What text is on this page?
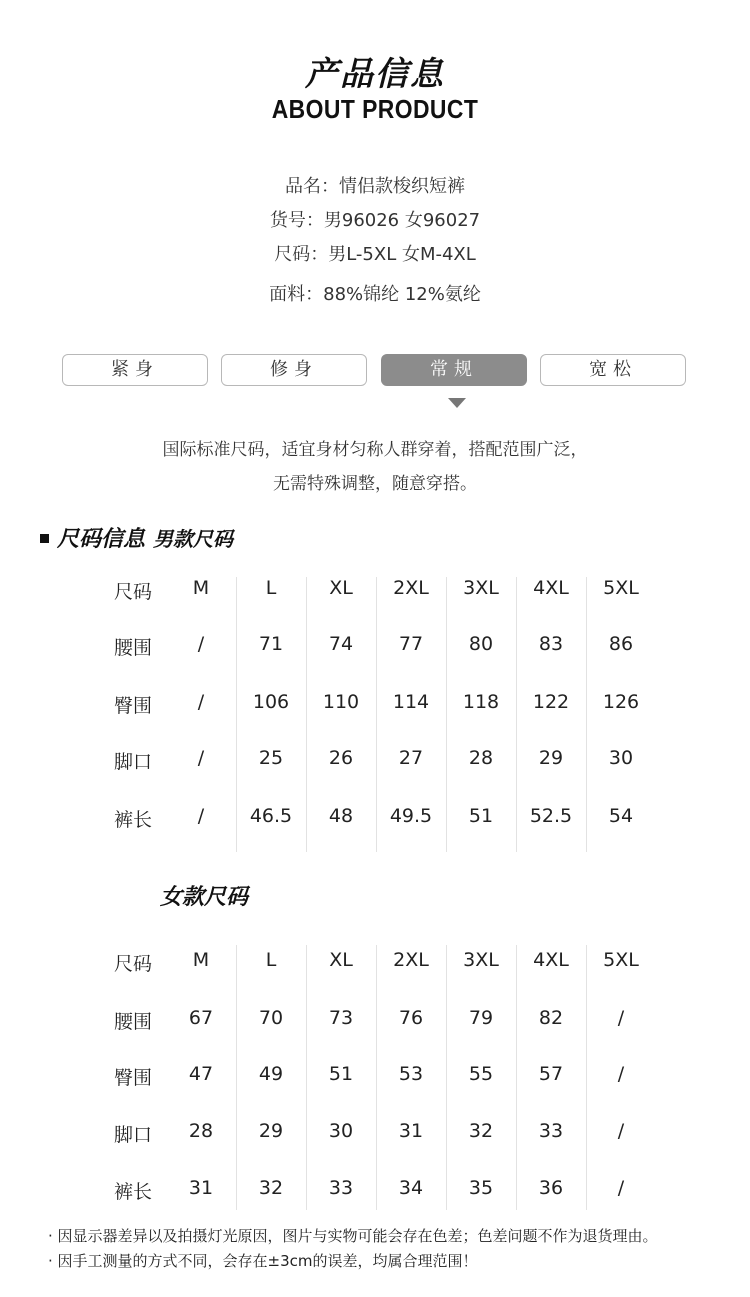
产品信息
ABOUT PRODUCT
品名：情侣款梭织短裤
货号：男96026 女96027
尺码：男L-5XL 女M-4XL
面料：88%锦纶 12%氨纶
紧身	修身	常规	宽松
国际标准尺码，适宜身材匀称人群穿着，搭配范围广泛，
无需特殊调整，随意穿搭。
尺码信息 男款尺码
尺码	M	L	XL	2XL	3XL	4XL	5XL
腰围	/	71	74	77	80	83	86
臀围	/	106	110	114	118	122	126
脚口	/	25	26	27	28	29	30
裤长	/	46.5	48	49.5	51	52.5	54
女款尺码
尺码	M	L	XL	2XL	3XL	4XL	5XL
腰围	67	70	73	76	79	82	/
臀围	47	49	51	53	55	57	/
脚口	28	29	30	31	32	33	/
裤长	31	32	33	34	35	36	/
· 因显示器差异以及拍摄灯光原因，图片与实物可能会存在色差；色差问题不作为退货理由。
· 因手工测量的方式不同，会存在±3cm的误差，均属合理范围！
